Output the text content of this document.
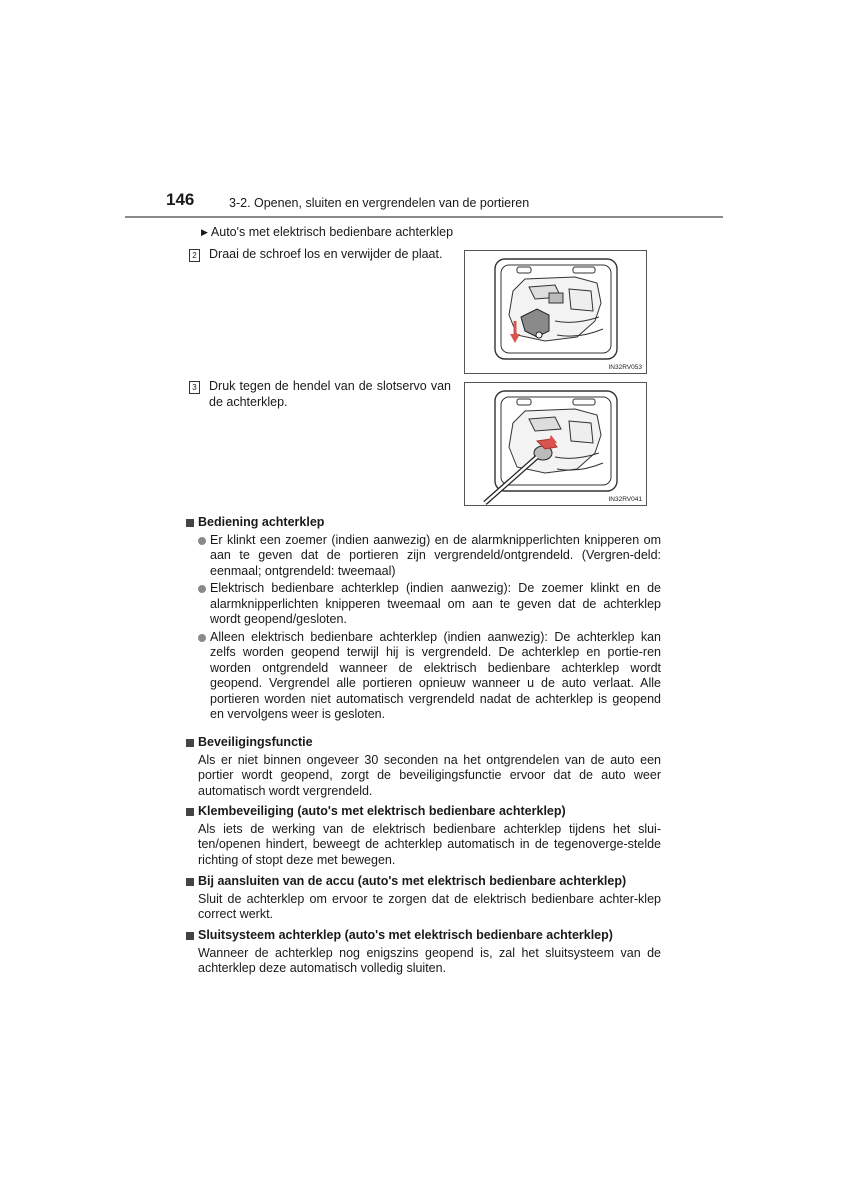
146	3-2. Openen, sluiten en vergrendelen van de portieren
▶ Auto's met elektrisch bedienbare achterklep
2 Draai de schroef los en verwijder de plaat.
IN32RV053
3 Druk tegen de hendel van de slotservo van de achterklep.
IN32RV041
Bediening achterklep
Er klinkt een zoemer (indien aanwezig) en de alarmknipperlichten knipperen om aan te geven dat de portieren zijn vergrendeld/ontgrendeld. (Vergren-deld: eenmaal; ontgrendeld: tweemaal)
Elektrisch bedienbare achterklep (indien aanwezig): De zoemer klinkt en de alarmknipperlichten knipperen tweemaal om aan te geven dat de achterklep wordt geopend/gesloten.
Alleen elektrisch bedienbare achterklep (indien aanwezig): De achterklep kan zelfs worden geopend terwijl hij is vergrendeld. De achterklep en portie-ren worden ontgrendeld wanneer de elektrisch bedienbare achterklep wordt geopend. Vergrendel alle portieren opnieuw wanneer u de auto verlaat. Alle portieren worden niet automatisch vergrendeld nadat de achterklep is geopend en vervolgens weer is gesloten.
Beveiligingsfunctie
Als er niet binnen ongeveer 30 seconden na het ontgrendelen van de auto een portier wordt geopend, zorgt de beveiligingsfunctie ervoor dat de auto weer automatisch wordt vergrendeld.
Klembeveiliging (auto's met elektrisch bedienbare achterklep)
Als iets de werking van de elektrisch bedienbare achterklep tijdens het slui-ten/openen hindert, beweegt de achterklep automatisch in de tegenoverge-stelde richting of stopt deze met bewegen.
Bij aansluiten van de accu (auto's met elektrisch bedienbare achterklep)
Sluit de achterklep om ervoor te zorgen dat de elektrisch bedienbare achter-klep correct werkt.
Sluitsysteem achterklep (auto's met elektrisch bedienbare achterklep)
Wanneer de achterklep nog enigszins geopend is, zal het sluitsysteem van de achterklep deze automatisch volledig sluiten.
